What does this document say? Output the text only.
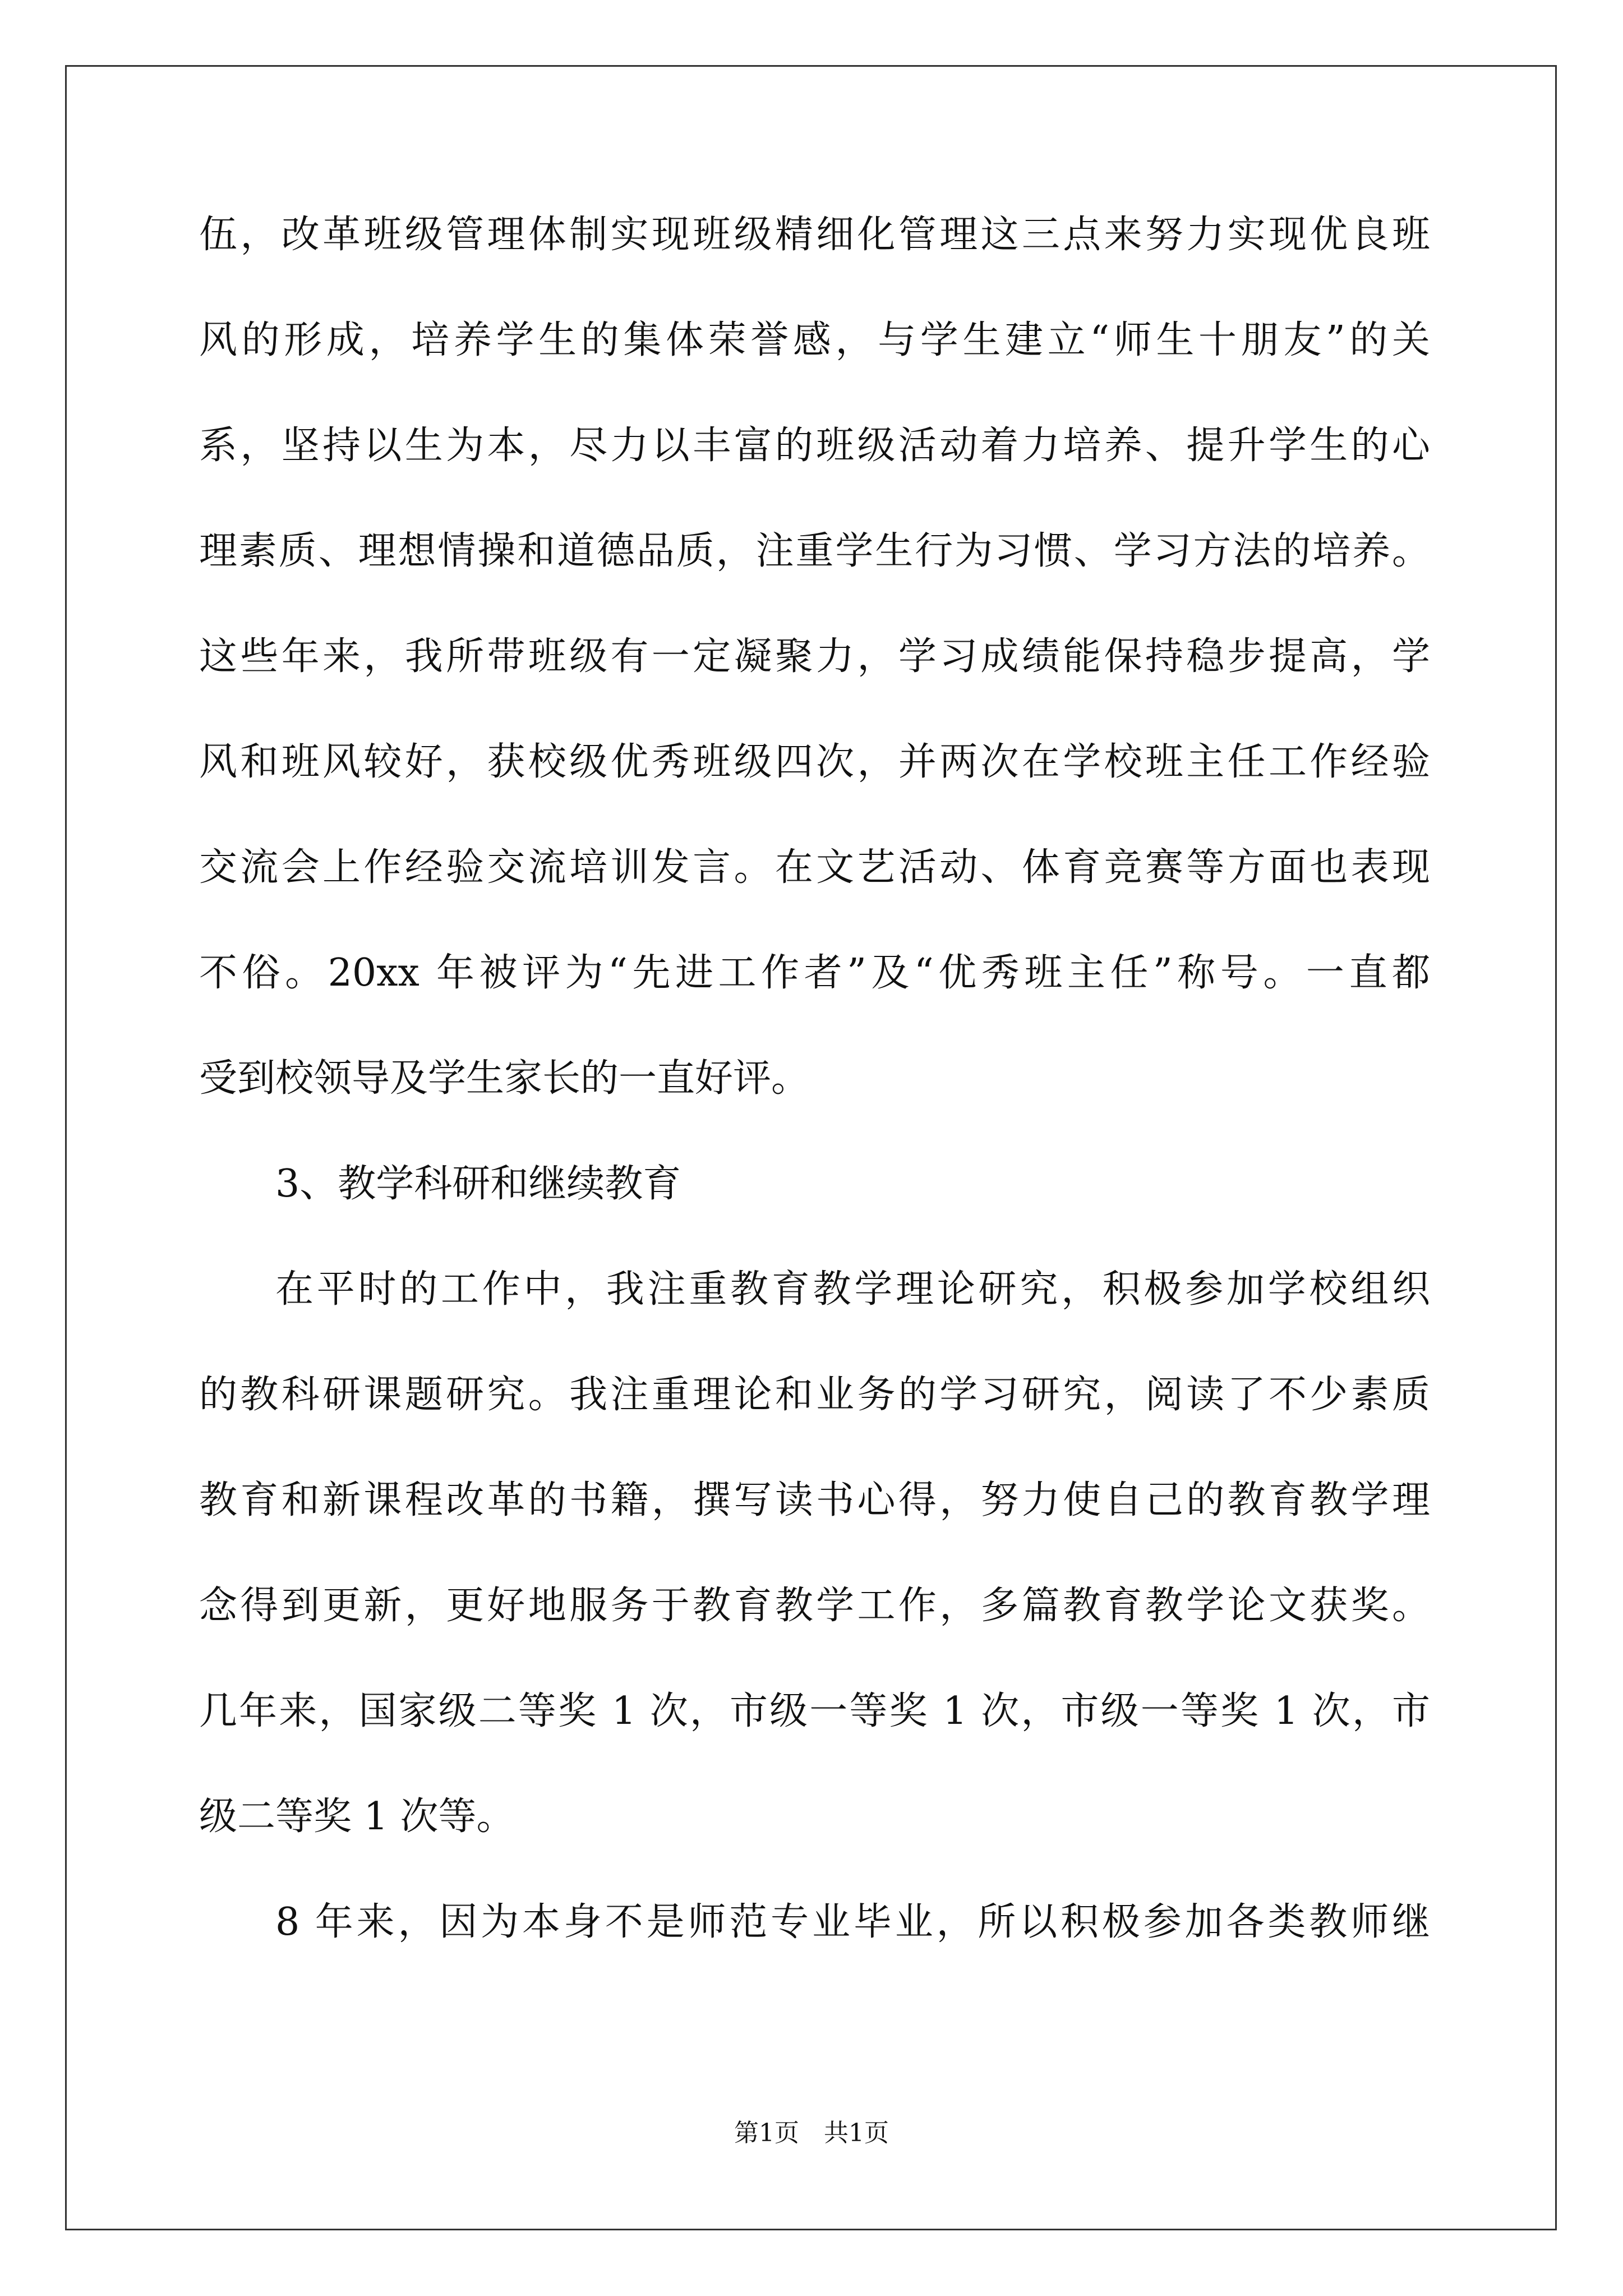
伍，改革班级管理体制实现班级精细化管理这三点来努力实现优良班
风的形成，培养学生的集体荣誉感，与学生建立“师生十朋友”的关
系，坚持以生为本，尽力以丰富的班级活动着力培养、提升学生的心
理素质、理想情操和道德品质，注重学生行为习惯、学习方法的培养。
这些年来，我所带班级有一定凝聚力，学习成绩能保持稳步提高，学
风和班风较好，获校级优秀班级四次，并两次在学校班主任工作经验
交流会上作经验交流培训发言。在文艺活动、体育竞赛等方面也表现
不俗。20xx 年被评为“先进工作者”及“优秀班主任”称号。一直都
受到校领导及学生家长的一直好评。
3、教学科研和继续教育
在平时的工作中，我注重教育教学理论研究，积极参加学校组织
的教科研课题研究。我注重理论和业务的学习研究，阅读了不少素质
教育和新课程改革的书籍，撰写读书心得，努力使自己的教育教学理
念得到更新，更好地服务于教育教学工作，多篇教育教学论文获奖。
几年来，国家级二等奖 1 次，市级一等奖 1 次，市级一等奖 1 次，市
级二等奖 1 次等。
8 年来，因为本身不是师范专业毕业，所以积极参加各类教师继
第1页　共1页
